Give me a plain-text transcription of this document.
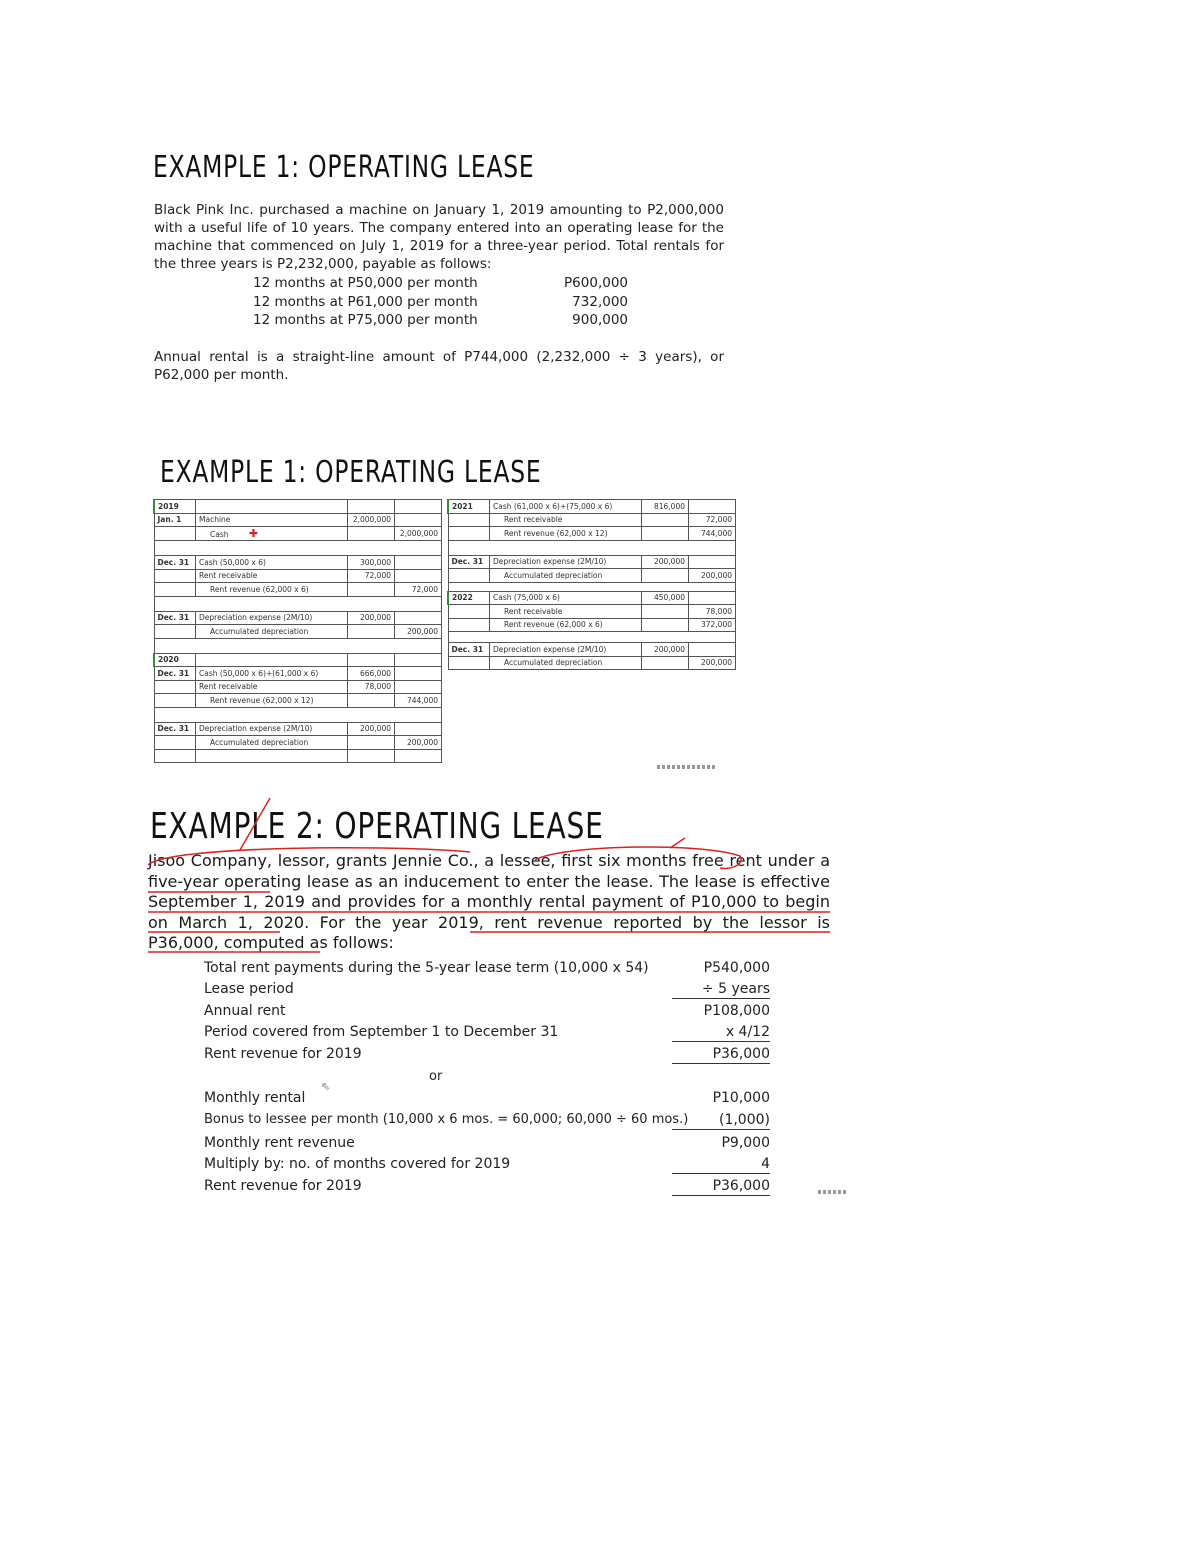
EXAMPLE 1: OPERATING LEASE

Black Pink Inc. purchased a machine on January 1, 2019 amounting to P2,000,000 with a useful life of 10 years. The company entered into an operating lease for the machine that commenced on July 1, 2019 for a three-year period. Total rentals for the three years is P2,232,000, payable as follows:

12 months at P50,000 per month	P600,000
12 months at P61,000 per month	732,000
12 months at P75,000 per month	900,000

Annual rental is a straight-line amount of P744,000 (2,232,000 ÷ 3 years), or P62,000 per month.

EXAMPLE 1: OPERATING LEASE
2019			
Jan. 1	Machine	2,000,000	
	Cash ✚		2,000,000

Dec. 31	Cash (50,000 x 6)	300,000	
	Rent receivable	72,000	
	Rent revenue (62,000 x 6)		72,000

Dec. 31	Depreciation expense (2M/10)	200,000	
	Accumulated depreciation		200,000

2020			
Dec. 31	Cash (50,000 x 6)+(61,000 x 6)	666,000	
	Rent receivable	78,000	
	Rent revenue (62,000 x 12)		744,000

Dec. 31	Depreciation expense (2M/10)	200,000	
	Accumulated depreciation		200,000

2021	Cash (61,000 x 6)+(75,000 x 6)	816,000	
	Rent receivable		72,000
	Rent revenue (62,000 x 12)		744,000

Dec. 31	Depreciation expense (2M/10)	200,000	
	Accumulated depreciation		200,000

2022	Cash (75,000 x 6)	450,000	
	Rent receivable		78,000
	Rent revenue (62,000 x 6)		372,000

Dec. 31	Depreciation expense (2M/10)	200,000	
	Accumulated depreciation		200,000
EXAMPLE 2: OPERATING LEASE

Jisoo Company, lessor, grants Jennie Co., a lessee, first six months free rent under a five-year operating lease as an inducement to enter the lease. The lease is effective September 1, 2019 and provides for a monthly rental payment of P10,000 to begin on March 1, 2020. For the year 2019, rent revenue reported by the lessor is P36,000, computed as follows:

Total rent payments during the 5-year lease term (10,000 x 54)	P540,000
Lease period	÷ 5 years
Annual rent	P108,000
Period covered from September 1 to December 31	x 4/12
Rent revenue for 2019	P36,000
or
⇖
Monthly rental	P10,000
Bonus to lessee per month (10,000 x 6 mos. = 60,000; 60,000 ÷ 60 mos.)	(1,000)
Monthly rent revenue	P9,000
Multiply by: no. of months covered for 2019	4
Rent revenue for 2019	P36,000
